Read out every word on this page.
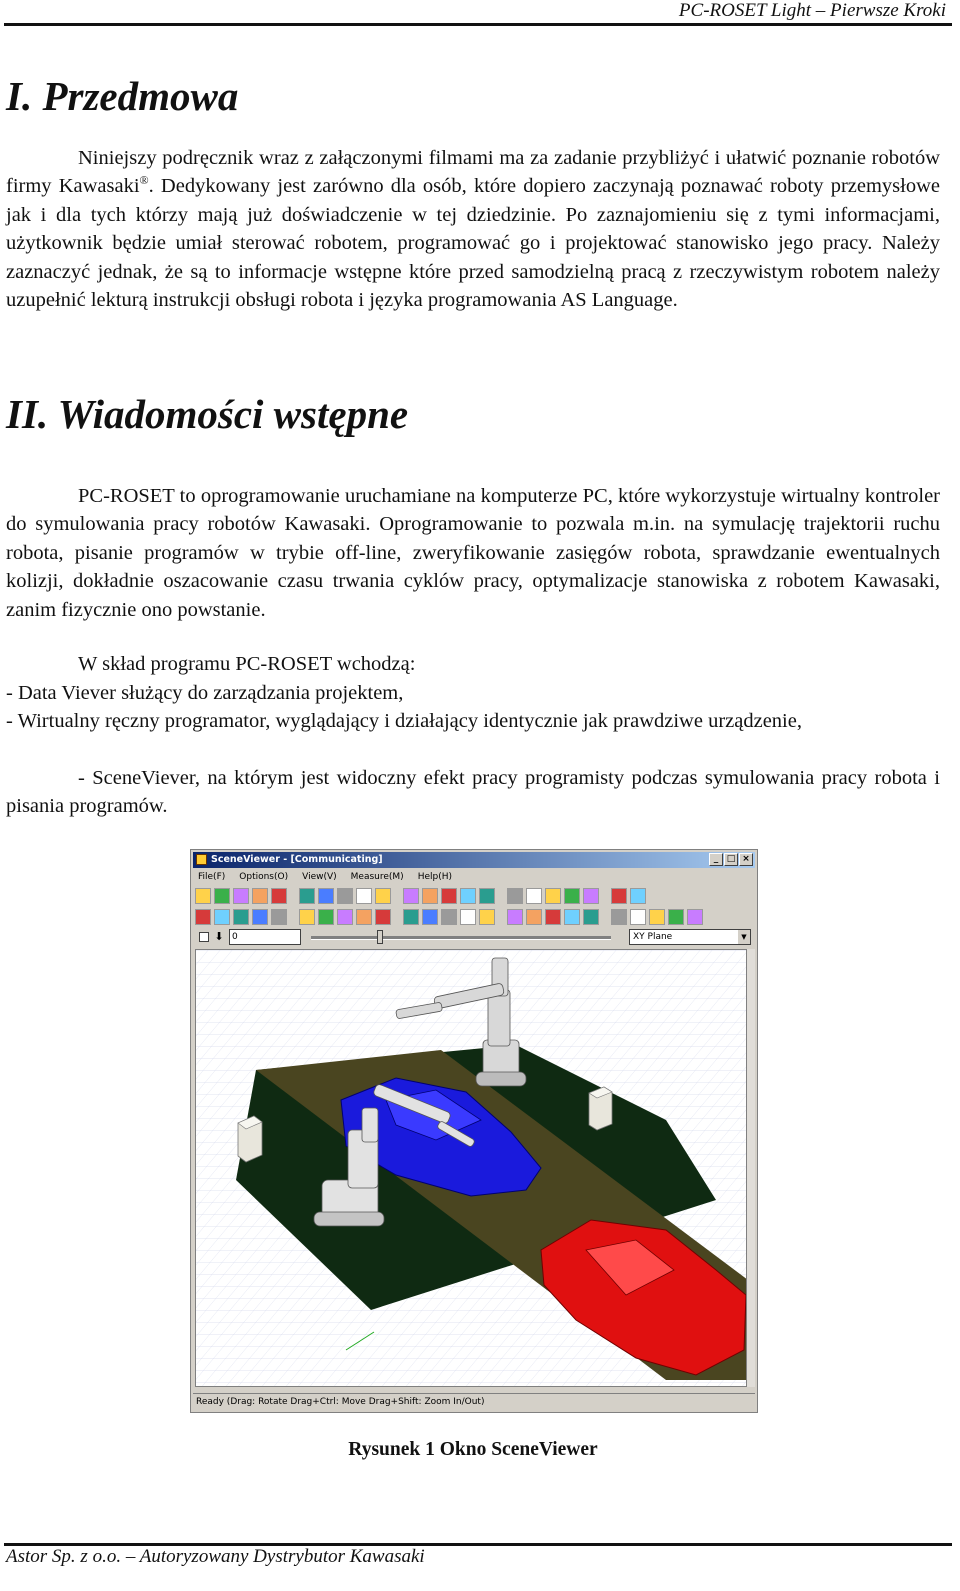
PC-ROSET Light – Pierwsze Kroki
I. Przedmowa

Niniejszy podręcznik wraz z załączonymi filmami ma za zadanie przybliżyć i ułatwić poznanie robotów firmy Kawasaki®. Dedykowany jest zarówno dla osób, które dopiero zaczynają poznawać roboty przemysłowe jak i dla tych którzy mają już doświadczenie w tej dziedzinie. Po zaznajomieniu się z tymi informacjami, użytkownik będzie umiał sterować robotem, programować go i projektować stanowisko jego pracy. Należy zaznaczyć jednak, że są to informacje wstępne które przed samodzielną pracą z rzeczywistym robotem należy uzupełnić lekturą instrukcji obsługi robota i języka programowania AS Language.

II. Wiadomości wstępne

PC-ROSET to oprogramowanie uruchamiane na komputerze PC, które wykorzystuje wirtualny kontroler do symulowania pracy robotów Kawasaki. Oprogramowanie to pozwala m.in. na symulację trajektorii ruchu robota, pisanie programów w trybie off-line, zweryfikowanie zasięgów robota, sprawdzanie ewentualnych kolizji, dokładnie oszacowanie czasu trwania cyklów pracy, optymalizacje stanowiska z robotem Kawasaki, zanim fizycznie ono powstanie.

W skład programu PC-ROSET wchodzą:

- Data Viever służący do zarządzania projektem,

- Wirtualny ręczny programator, wyglądający i działający identycznie jak prawdziwe urządzenie,

- SceneViever, na którym jest widoczny efekt pracy programisty podczas symulowania pracy robota i pisania programów.

SceneViewer - [Communicating]	_ □ ×
File(F) Options(O) View(V) Measure(M) Help(H)
⬇ 0	XY Plane	▼
Ready (Drag: Rotate Drag+Ctrl: Move Drag+Shift: Zoom In/Out)
Rysunek 1 Okno SceneViewer
Astor Sp. z o.o. – Autoryzowany Dystrybutor Kawasaki
